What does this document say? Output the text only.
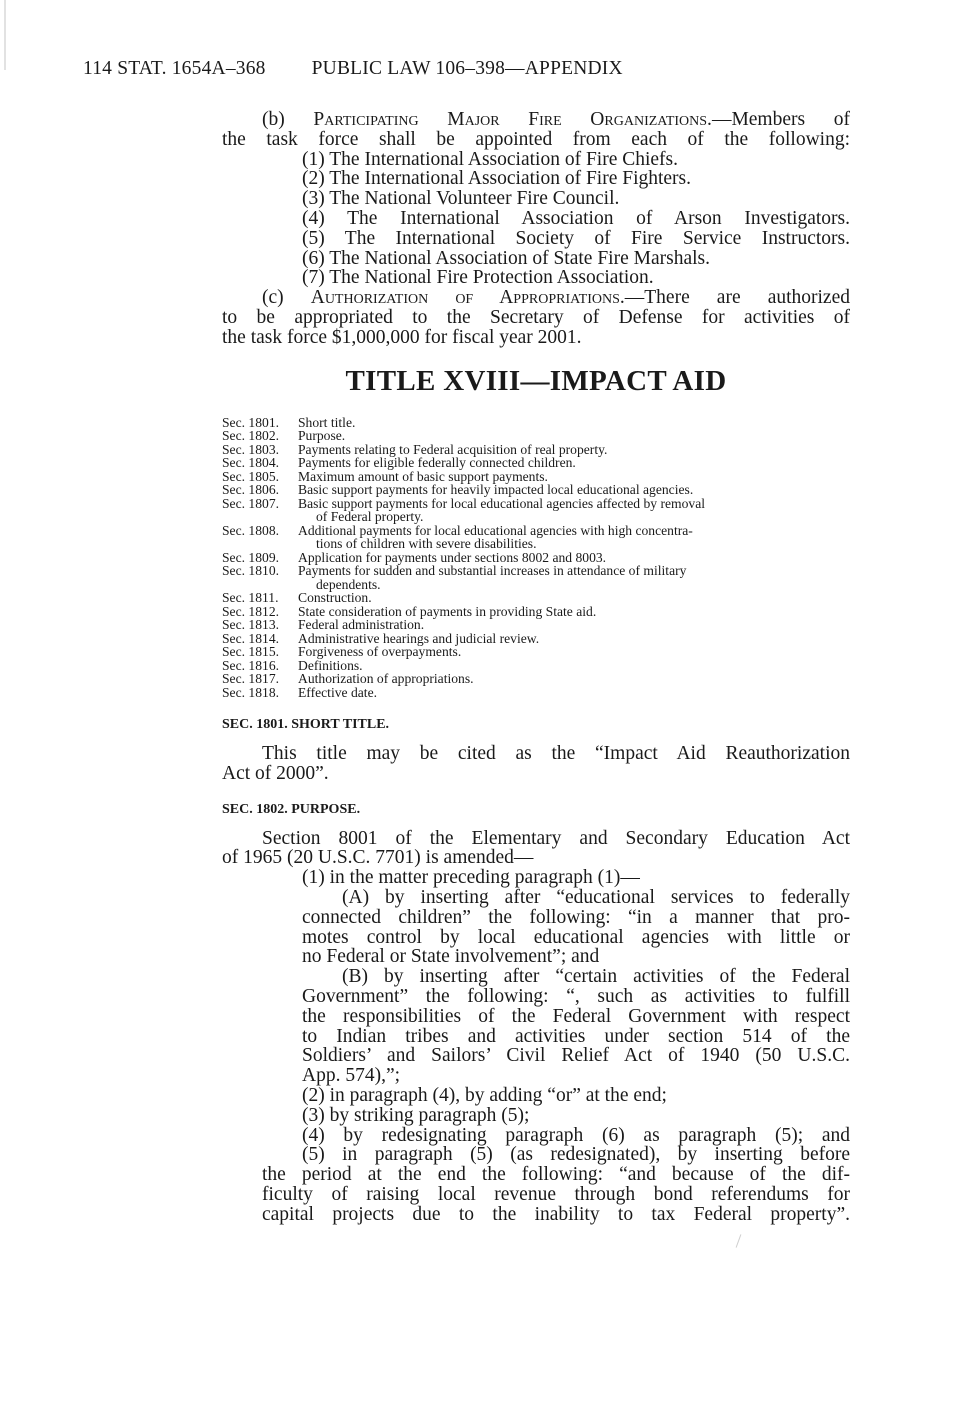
114 STAT. 1654A–368 PUBLIC LAW 106–398—APPENDIX

(b) Participating Major Fire Organizations.—Members of

the task force shall be appointed from each of the following:

(1) The International Association of Fire Chiefs.

(2) The International Association of Fire Fighters.

(3) The National Volunteer Fire Council.

(4) The International Association of Arson Investigators.

(5) The International Society of Fire Service Instructors.

(6) The National Association of State Fire Marshals.

(7) The National Fire Protection Association.

(c) Authorization of Appropriations.—There are authorized

to be appropriated to the Secretary of Defense for activities of

the task force $1,000,000 for fiscal year 2001.

TITLE XVIII—IMPACT AID
Sec. 1801.	Short title.
Sec. 1802.	Purpose.
Sec. 1803.	Payments relating to Federal acquisition of real property.
Sec. 1804.	Payments for eligible federally connected children.
Sec. 1805.	Maximum amount of basic support payments.
Sec. 1806.	Basic support payments for heavily impacted local educational agencies.
Sec. 1807.	Basic support payments for local educational agencies affected by removal
of Federal property.
Sec. 1808.	Additional payments for local educational agencies with high concentra-
tions of children with severe disabilities.
Sec. 1809.	Application for payments under sections 8002 and 8003.
Sec. 1810.	Payments for sudden and substantial increases in attendance of military
dependents.
Sec. 1811.	Construction.
Sec. 1812.	State consideration of payments in providing State aid.
Sec. 1813.	Federal administration.
Sec. 1814.	Administrative hearings and judicial review.
Sec. 1815.	Forgiveness of overpayments.
Sec. 1816.	Definitions.
Sec. 1817.	Authorization of appropriations.
Sec. 1818.	Effective date.
SEC. 1801. SHORT TITLE.

This title may be cited as the “Impact Aid Reauthorization

Act of 2000”.

SEC. 1802. PURPOSE.

Section 8001 of the Elementary and Secondary Education Act

of 1965 (20 U.S.C. 7701) is amended—

(1) in the matter preceding paragraph (1)—

(A) by inserting after “educational services to federally

connected children” the following: “in a manner that pro-

motes control by local educational agencies with little or

no Federal or State involvement”; and

(B) by inserting after “certain activities of the Federal

Government” the following: “, such as activities to fulfill

the responsibilities of the Federal Government with respect

to Indian tribes and activities under section 514 of the

Soldiers’ and Sailors’ Civil Relief Act of 1940 (50 U.S.C.

App. 574),”;

(2) in paragraph (4), by adding “or” at the end;

(3) by striking paragraph (5);

(4) by redesignating paragraph (6) as paragraph (5); and

(5) in paragraph (5) (as redesignated), by inserting before

the period at the end the following: “and because of the dif-

ficulty of raising local revenue through bond referendums for

capital projects due to the inability to tax Federal property”.
